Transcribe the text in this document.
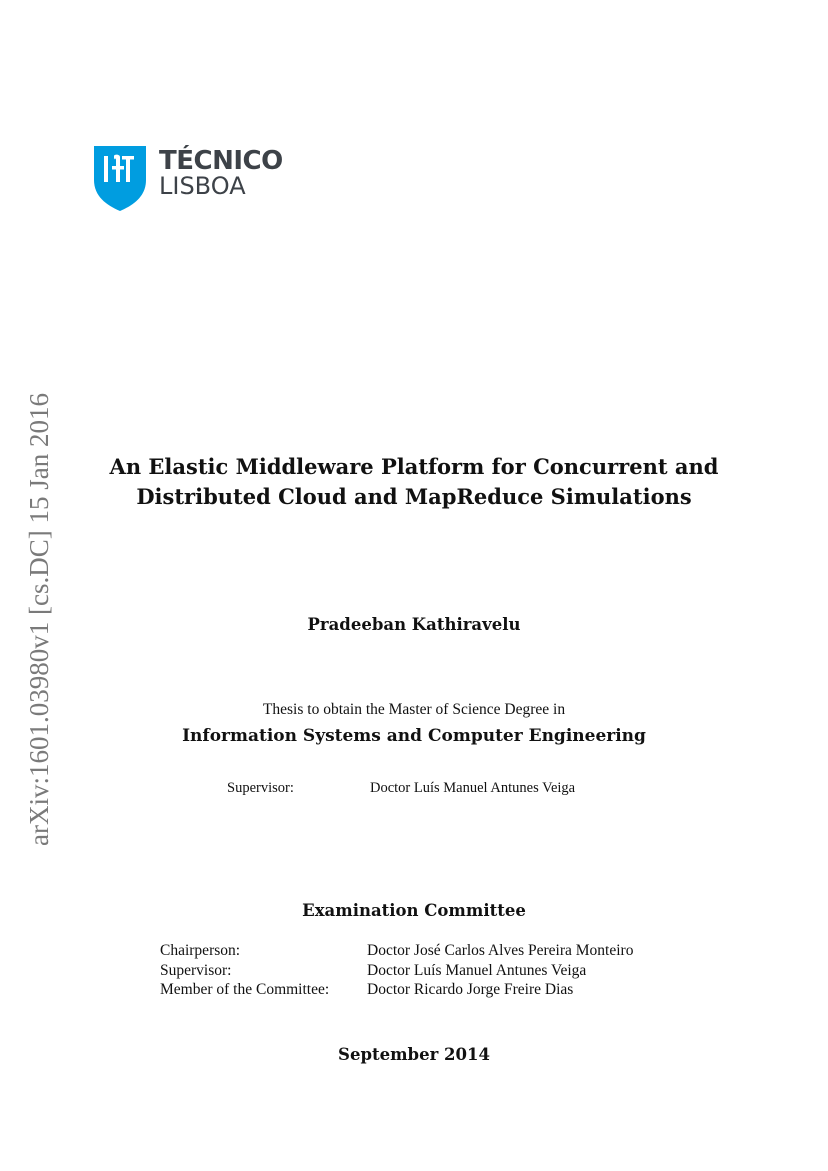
TÉCNICO
LISBOA
arXiv:1601.03980v1 [cs.DC] 15 Jan 2016	An Elastic Middleware Platform for Concurrent and
Distributed Cloud and MapReduce Simulations
Pradeeban Kathiravelu
Thesis to obtain the Master of Science Degree in
Information Systems and Computer Engineering
Supervisor:	Doctor Luís Manuel Antunes Veiga
Examination Committee
Chairperson:	Doctor José Carlos Alves Pereira Monteiro
Supervisor:	Doctor Luís Manuel Antunes Veiga
Member of the Committee: Doctor Ricardo Jorge Freire Dias
September 2014
